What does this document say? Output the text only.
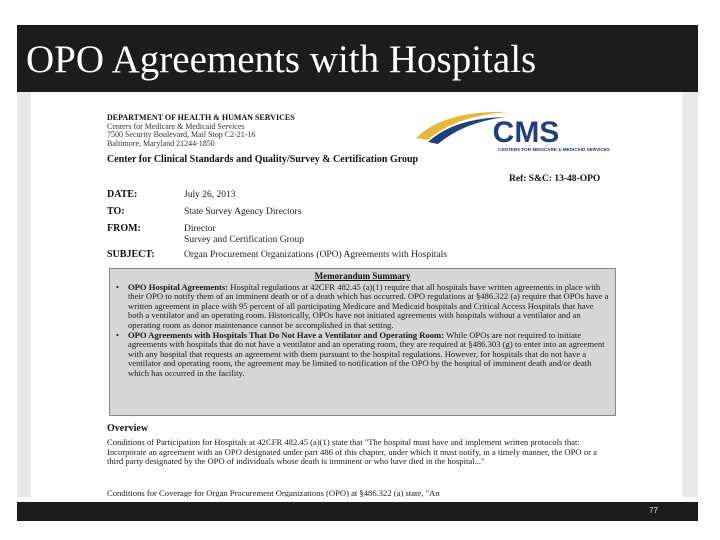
OPO Agreements with Hospitals
DEPARTMENT OF HEALTH & HUMAN SERVICES
Centers for Medicare & Medicaid Services
7500 Security Boulevard, Mail Stop C2-21-16
Baltimore, Maryland 21244-1850	CMS
CENTERS FOR MEDICARE & MEDICAID SERVICES
Center for Clinical Standards and Quality/Survey & Certification Group
Ref: S&C: 13-48-OPO
DATE:	July 26, 2013
TO:	State Survey Agency Directors
FROM:	Director
Survey and Certification Group
SUBJECT:	Organ Procurement Organizations (OPO) Agreements with Hospitals
Memorandum Summary
• OPO Hospital Agreements: Hospital regulations at 42CFR 482.45 (a)(1) require that all hospitals have written agreements in place with their OPO to notify them of an imminent death or of a death which has occurred. OPO regulations at §486.322 (a) require that OPOs have a written agreement in place with 95 percent of all participating Medicare and Medicaid hospitals and Critical Access Hospitals that have both a ventilator and an operating room. Historically, OPOs have not initiated agreements with hospitals without a ventilator and an operating room as donor maintenance cannot be accomplished in that setting.
• OPO Agreements with Hospitals That Do Not Have a Ventilator and Operating Room: While OPOs are not required to initiate agreements with hospitals that do not have a ventilator and an operating room, they are required at §486.303 (g) to enter into an agreement with any hospital that requests an agreement with them pursuant to the hospital regulations. However, for hospitals that do not have a ventilator and operating room, the agreement may be limited to notification of the OPO by the hospital of imminent death and/or death which has occurred in the facility.
Overview
Conditions of Participation for Hospitals at 42CFR 482.45 (a)(1) state that "The hospital must have and implement written protocols that: Incorporate an agreement with an OPO designated under part 486 of this chapter, under which it must notify, in a timely manner, the OPO or a third party designated by the OPO of individuals whose death is imminent or who have died in the hospital..."
Conditions for Coverage for Organ Procurement Organizations (OPO) at §486.322 (a) state, "An
77
